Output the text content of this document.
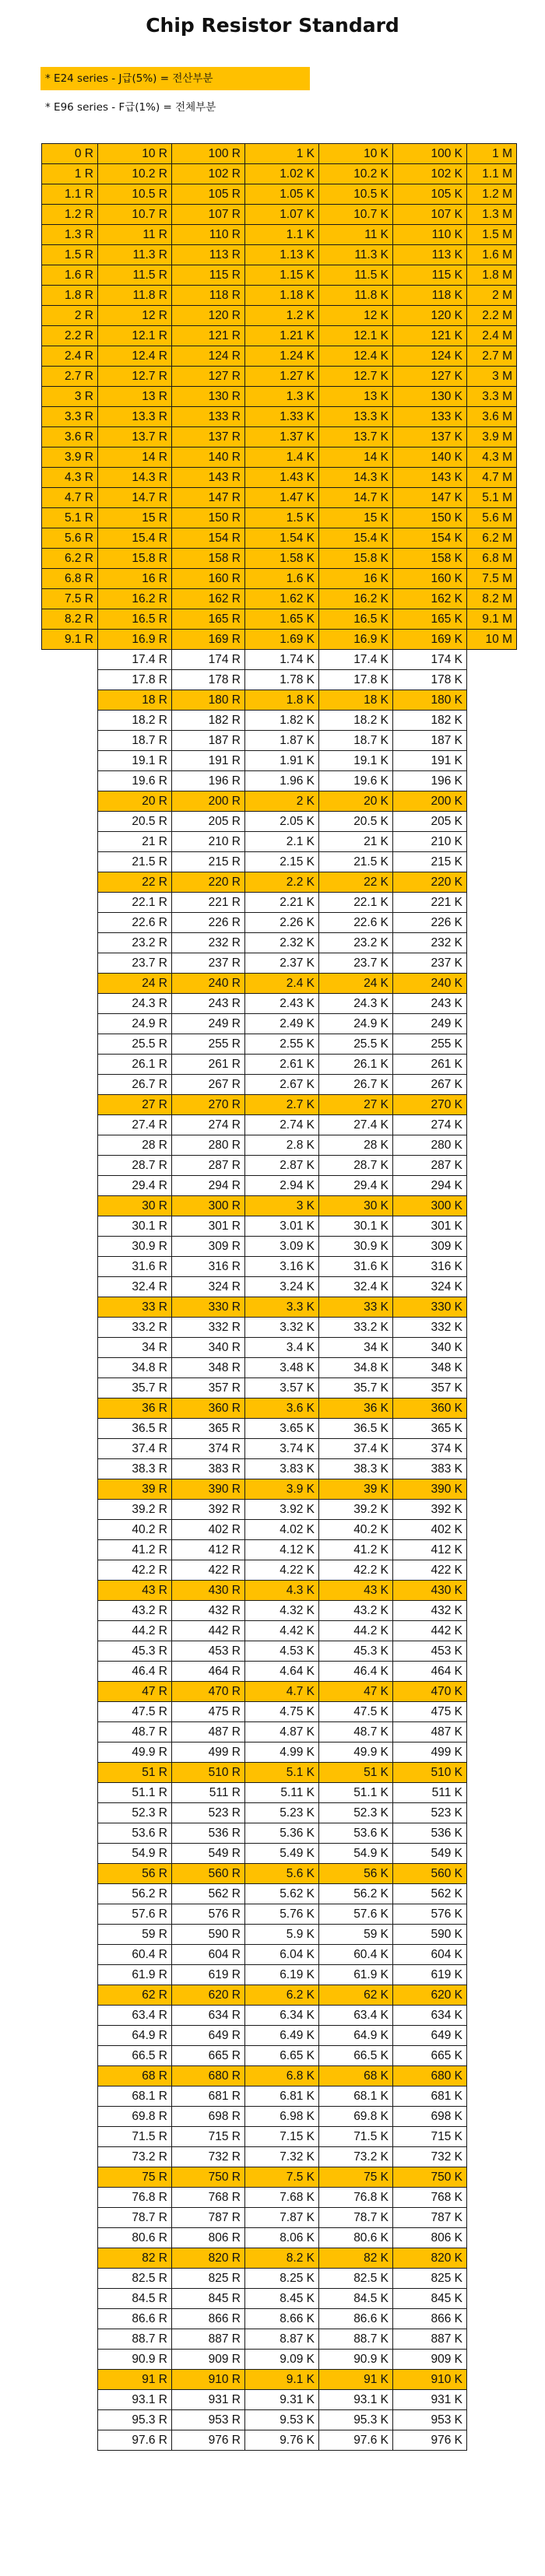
Chip Resistor Standard
* E24 series - J급(5%) = 전산부분
* E96 series - F급(1%) = 전체부분
0 R	10 R	100 R	1 K	10 K	100 K	1 M
1 R	10.2 R	102 R	1.02 K	10.2 K	102 K	1.1 M
1.1 R	10.5 R	105 R	1.05 K	10.5 K	105 K	1.2 M
1.2 R	10.7 R	107 R	1.07 K	10.7 K	107 K	1.3 M
1.3 R	11 R	110 R	1.1 K	11 K	110 K	1.5 M
1.5 R	11.3 R	113 R	1.13 K	11.3 K	113 K	1.6 M
1.6 R	11.5 R	115 R	1.15 K	11.5 K	115 K	1.8 M
1.8 R	11.8 R	118 R	1.18 K	11.8 K	118 K	2 M
2 R	12 R	120 R	1.2 K	12 K	120 K	2.2 M
2.2 R	12.1 R	121 R	1.21 K	12.1 K	121 K	2.4 M
2.4 R	12.4 R	124 R	1.24 K	12.4 K	124 K	2.7 M
2.7 R	12.7 R	127 R	1.27 K	12.7 K	127 K	3 M
3 R	13 R	130 R	1.3 K	13 K	130 K	3.3 M
3.3 R	13.3 R	133 R	1.33 K	13.3 K	133 K	3.6 M
3.6 R	13.7 R	137 R	1.37 K	13.7 K	137 K	3.9 M
3.9 R	14 R	140 R	1.4 K	14 K	140 K	4.3 M
4.3 R	14.3 R	143 R	1.43 K	14.3 K	143 K	4.7 M
4.7 R	14.7 R	147 R	1.47 K	14.7 K	147 K	5.1 M
5.1 R	15 R	150 R	1.5 K	15 K	150 K	5.6 M
5.6 R	15.4 R	154 R	1.54 K	15.4 K	154 K	6.2 M
6.2 R	15.8 R	158 R	1.58 K	15.8 K	158 K	6.8 M
6.8 R	16 R	160 R	1.6 K	16 K	160 K	7.5 M
7.5 R	16.2 R	162 R	1.62 K	16.2 K	162 K	8.2 M
8.2 R	16.5 R	165 R	1.65 K	16.5 K	165 K	9.1 M
9.1 R	16.9 R	169 R	1.69 K	16.9 K	169 K	10 M
	17.4 R	174 R	1.74 K	17.4 K	174 K	
	17.8 R	178 R	1.78 K	17.8 K	178 K	
	18 R	180 R	1.8 K	18 K	180 K	
	18.2 R	182 R	1.82 K	18.2 K	182 K	
	18.7 R	187 R	1.87 K	18.7 K	187 K	
	19.1 R	191 R	1.91 K	19.1 K	191 K	
	19.6 R	196 R	1.96 K	19.6 K	196 K	
	20 R	200 R	2 K	20 K	200 K	
	20.5 R	205 R	2.05 K	20.5 K	205 K	
	21 R	210 R	2.1 K	21 K	210 K	
	21.5 R	215 R	2.15 K	21.5 K	215 K	
	22 R	220 R	2.2 K	22 K	220 K	
	22.1 R	221 R	2.21 K	22.1 K	221 K	
	22.6 R	226 R	2.26 K	22.6 K	226 K	
	23.2 R	232 R	2.32 K	23.2 K	232 K	
	23.7 R	237 R	2.37 K	23.7 K	237 K	
	24 R	240 R	2.4 K	24 K	240 K	
	24.3 R	243 R	2.43 K	24.3 K	243 K	
	24.9 R	249 R	2.49 K	24.9 K	249 K	
	25.5 R	255 R	2.55 K	25.5 K	255 K	
	26.1 R	261 R	2.61 K	26.1 K	261 K	
	26.7 R	267 R	2.67 K	26.7 K	267 K	
	27 R	270 R	2.7 K	27 K	270 K	
	27.4 R	274 R	2.74 K	27.4 K	274 K	
	28 R	280 R	2.8 K	28 K	280 K	
	28.7 R	287 R	2.87 K	28.7 K	287 K	
	29.4 R	294 R	2.94 K	29.4 K	294 K	
	30 R	300 R	3 K	30 K	300 K	
	30.1 R	301 R	3.01 K	30.1 K	301 K	
	30.9 R	309 R	3.09 K	30.9 K	309 K	
	31.6 R	316 R	3.16 K	31.6 K	316 K	
	32.4 R	324 R	3.24 K	32.4 K	324 K	
	33 R	330 R	3.3 K	33 K	330 K	
	33.2 R	332 R	3.32 K	33.2 K	332 K	
	34 R	340 R	3.4 K	34 K	340 K	
	34.8 R	348 R	3.48 K	34.8 K	348 K	
	35.7 R	357 R	3.57 K	35.7 K	357 K	
	36 R	360 R	3.6 K	36 K	360 K	
	36.5 R	365 R	3.65 K	36.5 K	365 K	
	37.4 R	374 R	3.74 K	37.4 K	374 K	
	38.3 R	383 R	3.83 K	38.3 K	383 K	
	39 R	390 R	3.9 K	39 K	390 K	
	39.2 R	392 R	3.92 K	39.2 K	392 K	
	40.2 R	402 R	4.02 K	40.2 K	402 K	
	41.2 R	412 R	4.12 K	41.2 K	412 K	
	42.2 R	422 R	4.22 K	42.2 K	422 K	
	43 R	430 R	4.3 K	43 K	430 K	
	43.2 R	432 R	4.32 K	43.2 K	432 K	
	44.2 R	442 R	4.42 K	44.2 K	442 K	
	45.3 R	453 R	4.53 K	45.3 K	453 K	
	46.4 R	464 R	4.64 K	46.4 K	464 K	
	47 R	470 R	4.7 K	47 K	470 K	
	47.5 R	475 R	4.75 K	47.5 K	475 K	
	48.7 R	487 R	4.87 K	48.7 K	487 K	
	49.9 R	499 R	4.99 K	49.9 K	499 K	
	51 R	510 R	5.1 K	51 K	510 K	
	51.1 R	511 R	5.11 K	51.1 K	511 K	
	52.3 R	523 R	5.23 K	52.3 K	523 K	
	53.6 R	536 R	5.36 K	53.6 K	536 K	
	54.9 R	549 R	5.49 K	54.9 K	549 K	
	56 R	560 R	5.6 K	56 K	560 K	
	56.2 R	562 R	5.62 K	56.2 K	562 K	
	57.6 R	576 R	5.76 K	57.6 K	576 K	
	59 R	590 R	5.9 K	59 K	590 K	
	60.4 R	604 R	6.04 K	60.4 K	604 K	
	61.9 R	619 R	6.19 K	61.9 K	619 K	
	62 R	620 R	6.2 K	62 K	620 K	
	63.4 R	634 R	6.34 K	63.4 K	634 K	
	64.9 R	649 R	6.49 K	64.9 K	649 K	
	66.5 R	665 R	6.65 K	66.5 K	665 K	
	68 R	680 R	6.8 K	68 K	680 K	
	68.1 R	681 R	6.81 K	68.1 K	681 K	
	69.8 R	698 R	6.98 K	69.8 K	698 K	
	71.5 R	715 R	7.15 K	71.5 K	715 K	
	73.2 R	732 R	7.32 K	73.2 K	732 K	
	75 R	750 R	7.5 K	75 K	750 K	
	76.8 R	768 R	7.68 K	76.8 K	768 K	
	78.7 R	787 R	7.87 K	78.7 K	787 K	
	80.6 R	806 R	8.06 K	80.6 K	806 K	
	82 R	820 R	8.2 K	82 K	820 K	
	82.5 R	825 R	8.25 K	82.5 K	825 K	
	84.5 R	845 R	8.45 K	84.5 K	845 K	
	86.6 R	866 R	8.66 K	86.6 K	866 K	
	88.7 R	887 R	8.87 K	88.7 K	887 K	
	90.9 R	909 R	9.09 K	90.9 K	909 K	
	91 R	910 R	9.1 K	91 K	910 K	
	93.1 R	931 R	9.31 K	93.1 K	931 K	
	95.3 R	953 R	9.53 K	95.3 K	953 K	
	97.6 R	976 R	9.76 K	97.6 K	976 K	
